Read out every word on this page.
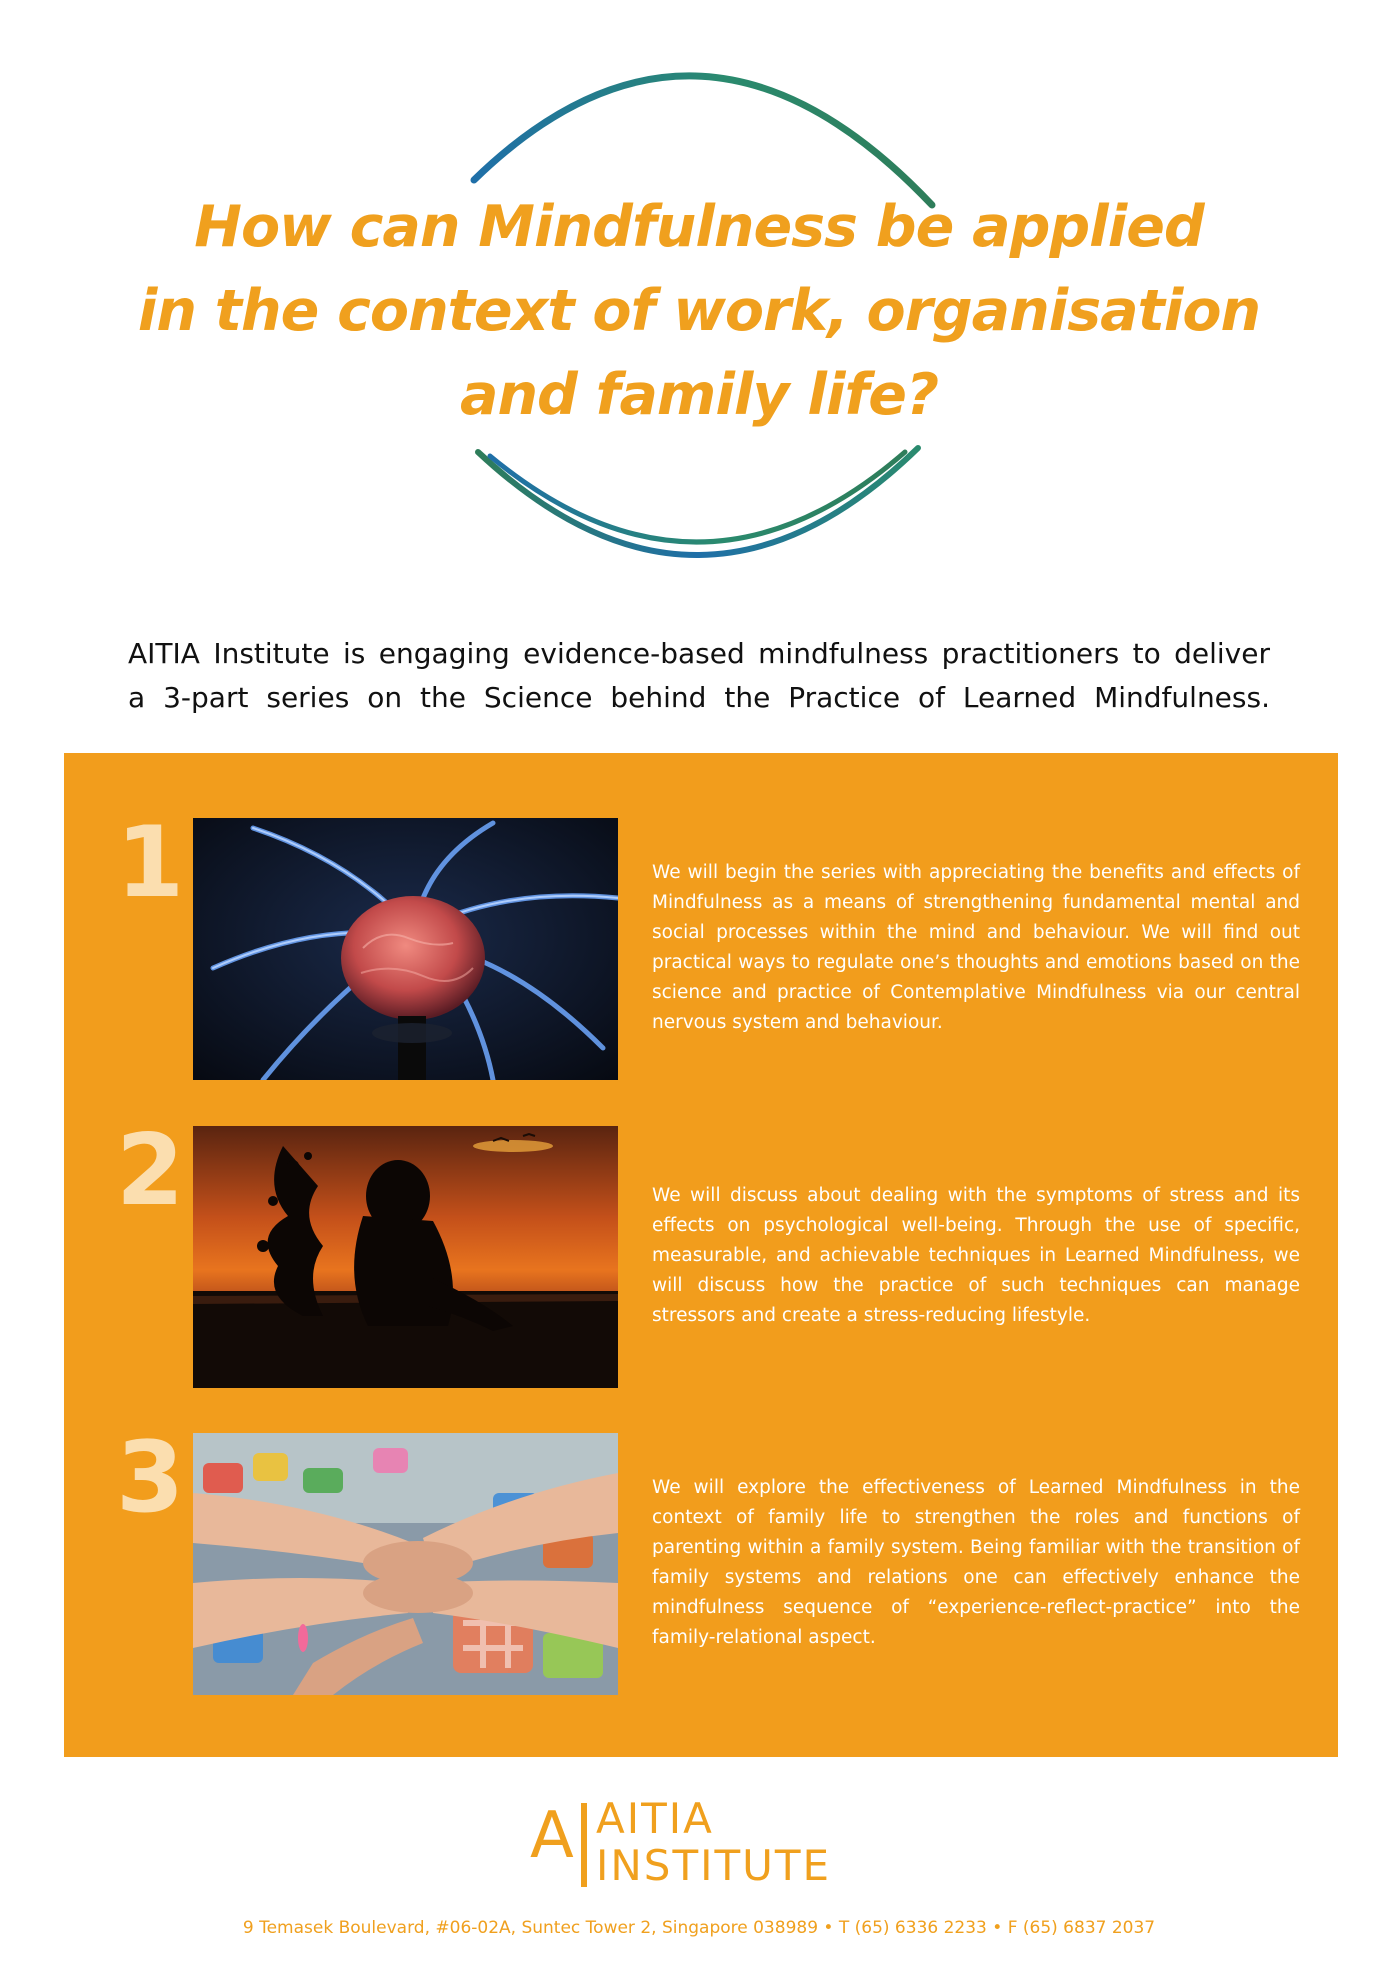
How can Mindfulness be applied
in the context of work, organisation
and family life?

AITIA Institute is engaging evidence-based mindfulness practitioners to deliver
a 3-part series on the Science behind the Practice of Learned Mindfulness.

1	We will begin the series with appreciating the benefits and effects of Mindfulness as a means of strengthening fundamental mental and social processes within the mind and behaviour. We will find out practical ways to regulate one’s thoughts and emotions based on the science and practice of Contemplative Mindfulness via our central nervous system and behaviour.

2	We will discuss about dealing with the symptoms of stress and its effects on psychological well-being. Through the use of specific, measurable, and achievable techniques in Learned Mindfulness, we will discuss how the practice of such techniques can manage stressors and create a stress-reducing lifestyle.

3	We will explore the effectiveness of Learned Mindfulness in the context of family life to strengthen the roles and functions of parenting within a family system. Being familiar with the transition of family systems and relations one can effectively enhance the mindfulness sequence of “experience-reflect-practice” into the family-relational aspect.

A AITIA
INSTITUTE

9 Temasek Boulevard, #06-02A, Suntec Tower 2, Singapore 038989 • T (65) 6336 2233 • F (65) 6837 2037
